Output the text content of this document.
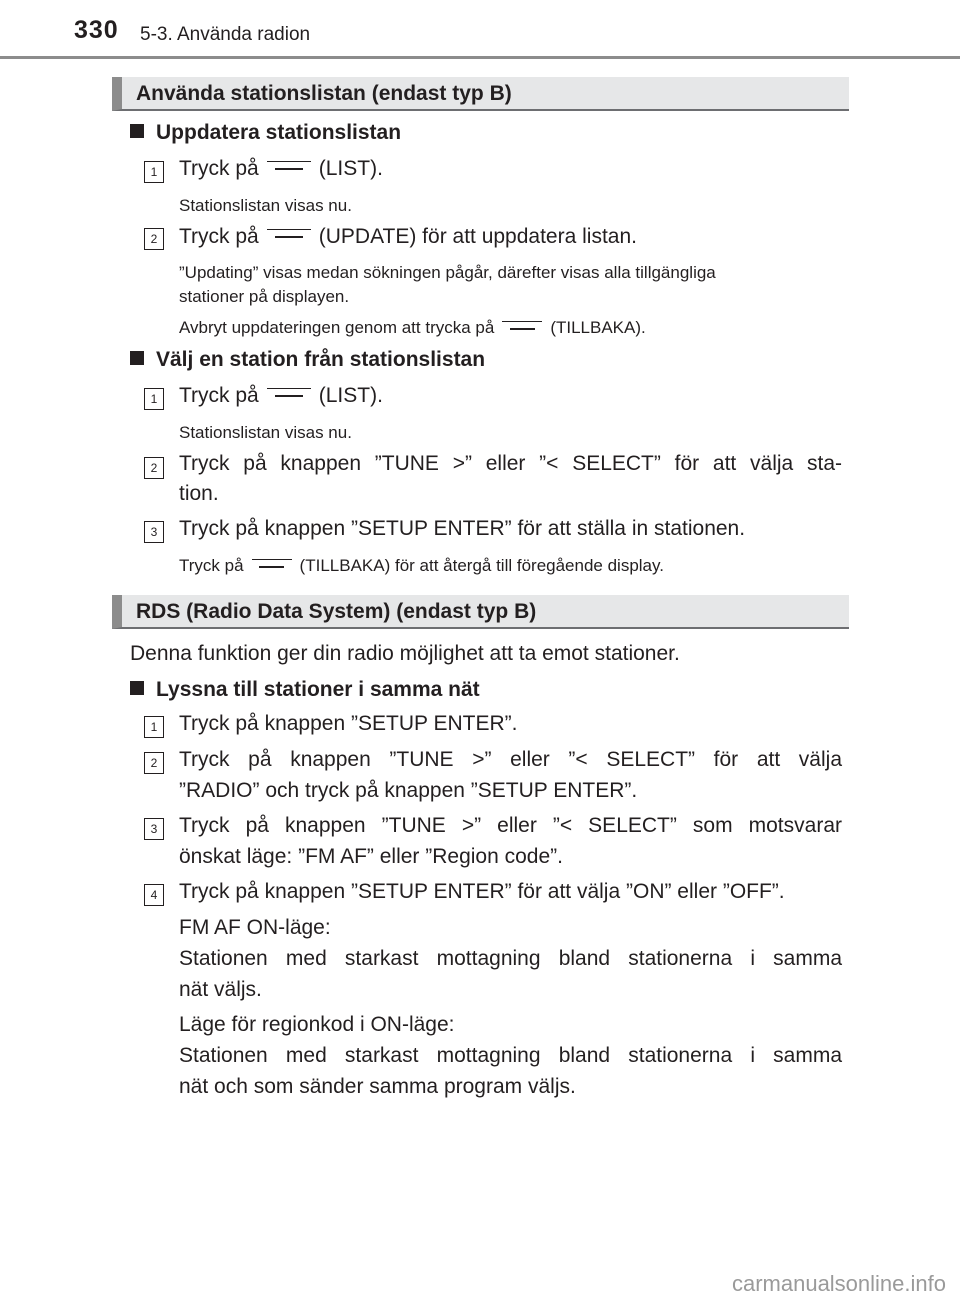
330 5-3. Använda radion
Använda stationslistan (endast typ B)
Uppdatera stationslistan
1	Tryck på	(LIST).
Stationslistan visas nu.
2	Tryck på	(UPDATE) för att uppdatera listan.
”Updating” visas medan sökningen pågår, därefter visas alla tillgängliga
stationer på displayen.
Avbryt uppdateringen genom att trycka på	(TILLBAKA).
Välj en station från stationslistan
1	Tryck på	(LIST).
Stationslistan visas nu.
2	Tryck på knappen ”TUNE >” eller ”< SELECT” för att välja sta-
tion.
3	Tryck på knappen ”SETUP ENTER” för att ställa in stationen.
Tryck på	(TILLBAKA) för att återgå till föregående display.
RDS (Radio Data System) (endast typ B)
Denna funktion ger din radio möjlighet att ta emot stationer.
Lyssna till stationer i samma nät
1	Tryck på knappen ”SETUP ENTER”.
2	Tryck på knappen ”TUNE >” eller ”< SELECT” för att välja
”RADIO” och tryck på knappen ”SETUP ENTER”.
3	Tryck på knappen ”TUNE >” eller ”< SELECT” som motsvarar
önskat läge: ”FM AF” eller ”Region code”.
4	Tryck på knappen ”SETUP ENTER” för att välja ”ON” eller ”OFF”.
FM AF ON-läge:
Stationen med starkast mottagning bland stationerna i samma
nät väljs.
Läge för regionkod i ON-läge:
Stationen med starkast mottagning bland stationerna i samma
nät och som sänder samma program väljs.
carmanualsonline.info
